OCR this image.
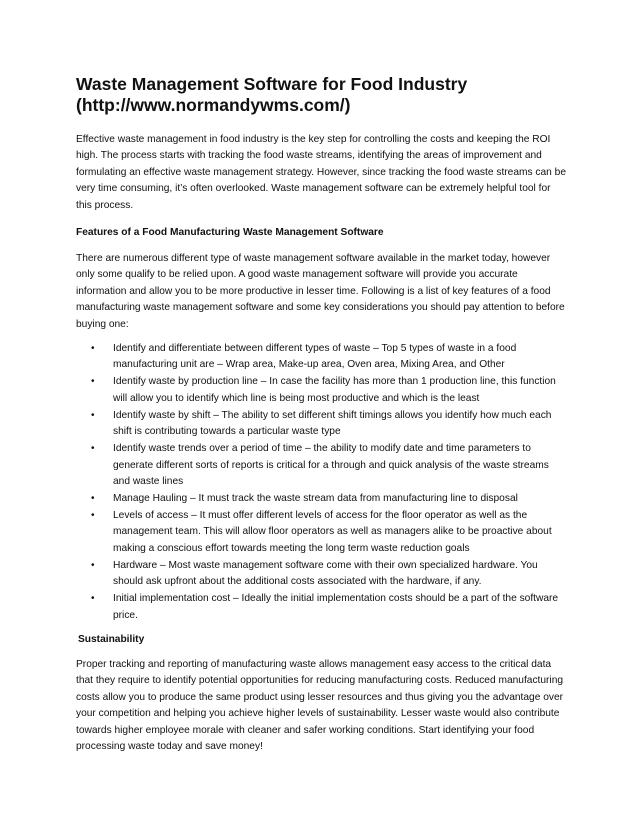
Waste Management Software for Food Industry (http://www.normandywms.com/)

Effective waste management in food industry is the key step for controlling the costs and keeping the ROI high. The process starts with tracking the food waste streams, identifying the areas of improvement and formulating an effective waste management strategy. However, since tracking the food waste streams can be very time consuming, it’s often overlooked. Waste management software can be extremely helpful tool for this process.

Features of a Food Manufacturing Waste Management Software

There are numerous different type of waste management software available in the market today, however only some qualify to be relied upon. A good waste management software will provide you accurate information and allow you to be more productive in lesser time. Following is a list of key features of a food manufacturing waste management software and some key considerations you should pay attention to before buying one:

• Identify and differentiate between different types of waste – Top 5 types of waste in a food manufacturing unit are – Wrap area, Make-up area, Oven area, Mixing Area, and Other
• Identify waste by production line – In case the facility has more than 1 production line, this function will allow you to identify which line is being most productive and which is the least
• Identify waste by shift – The ability to set different shift timings allows you identify how much each shift is contributing towards a particular waste type
• Identify waste trends over a period of time – the ability to modify date and time parameters to generate different sorts of reports is critical for a through and quick analysis of the waste streams and waste lines
• Manage Hauling – It must track the waste stream data from manufacturing line to disposal
• Levels of access – It must offer different levels of access for the floor operator as well as the management team. This will allow floor operators as well as managers alike to be proactive about making a conscious effort towards meeting the long term waste reduction goals
• Hardware – Most waste management software come with their own specialized hardware. You should ask upfront about the additional costs associated with the hardware, if any.
• Initial implementation cost – Ideally the initial implementation costs should be a part of the software price.
Sustainability

Proper tracking and reporting of manufacturing waste allows management easy access to the critical data that they require to identify potential opportunities for reducing manufacturing costs. Reduced manufacturing costs allow you to produce the same product using lesser resources and thus giving you the advantage over your competition and helping you achieve higher levels of sustainability. Lesser waste would also contribute towards higher employee morale with cleaner and safer working conditions. Start identifying your food processing waste today and save money!
